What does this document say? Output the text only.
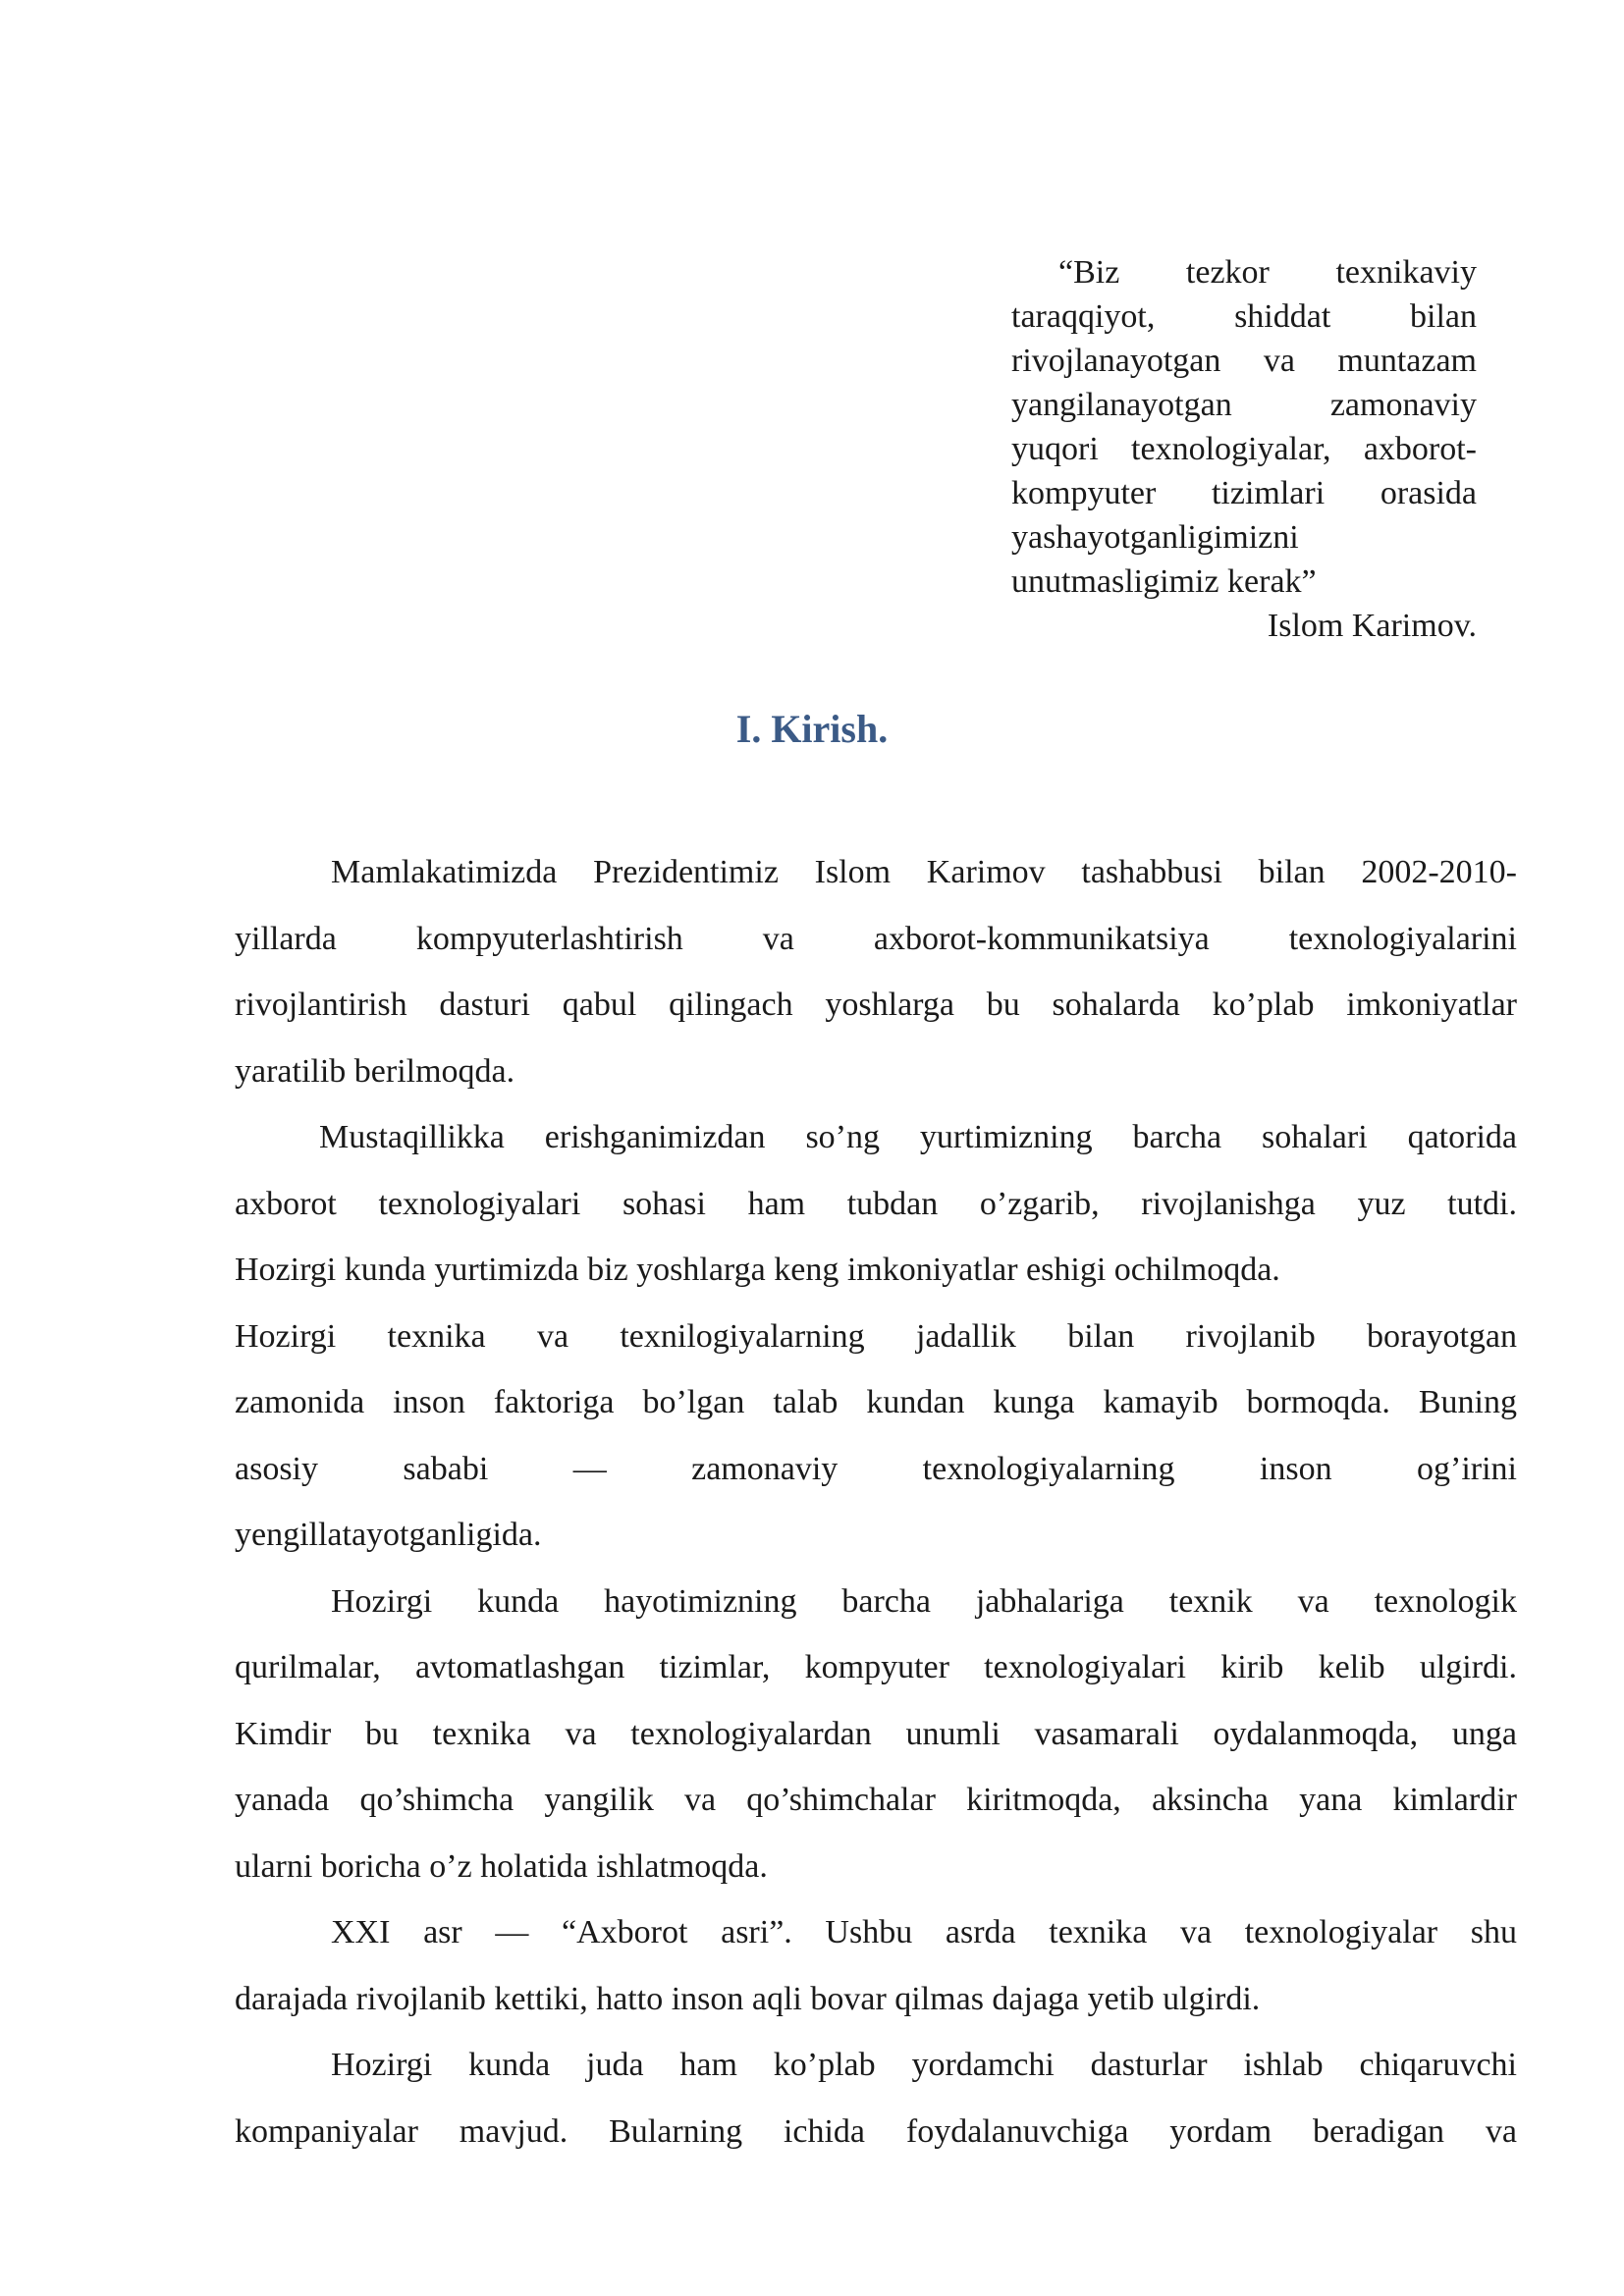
“Biz tezkor texnikaviy
taraqqiyot, shiddat bilan
rivojlanayotgan va muntazam
yangilanayotgan zamonaviy
yuqori texnologiyalar, axborot-
kompyuter tizimlari orasida
yashayotganligimizni
unutmasligimiz kerak”
Islom Karimov.
I. Kirish.
Mamlakatimizda Prezidentimiz Islom Karimov tashabbusi bilan 2002-2010-
yillarda kompyuterlashtirish va axborot-kommunikatsiya texnologiyalarini
rivojlantirish dasturi qabul qilingach yoshlarga bu sohalarda ko’plab imkoniyatlar
yaratilib berilmoqda.
Mustaqillikka erishganimizdan so’ng yurtimizning barcha sohalari qatorida
axborot texnologiyalari sohasi ham tubdan o’zgarib, rivojlanishga yuz tutdi.
Hozirgi kunda yurtimizda biz yoshlarga keng imkoniyatlar eshigi ochilmoqda.
Hozirgi texnika va texnilogiyalarning jadallik bilan rivojlanib borayotgan
zamonida inson faktoriga bo’lgan talab kundan kunga kamayib bormoqda. Buning
asosiy sababi — zamonaviy texnologiyalarning inson og’irini
yengillatayotganligida.
Hozirgi kunda hayotimizning barcha jabhalariga texnik va texnologik
qurilmalar, avtomatlashgan tizimlar, kompyuter texnologiyalari kirib kelib ulgirdi.
Kimdir bu texnika va texnologiyalardan unumli vasamarali oydalanmoqda, unga
yanada qo’shimcha yangilik va qo’shimchalar kiritmoqda, aksincha yana kimlardir
ularni boricha o’z holatida ishlatmoqda.
XXI asr — “Axborot asri”. Ushbu asrda texnika va texnologiyalar shu
darajada rivojlanib kettiki, hatto inson aqli bovar qilmas dajaga yetib ulgirdi.
Hozirgi kunda juda ham ko’plab yordamchi dasturlar ishlab chiqaruvchi
kompaniyalar mavjud. Bularning ichida foydalanuvchiga yordam beradigan va
